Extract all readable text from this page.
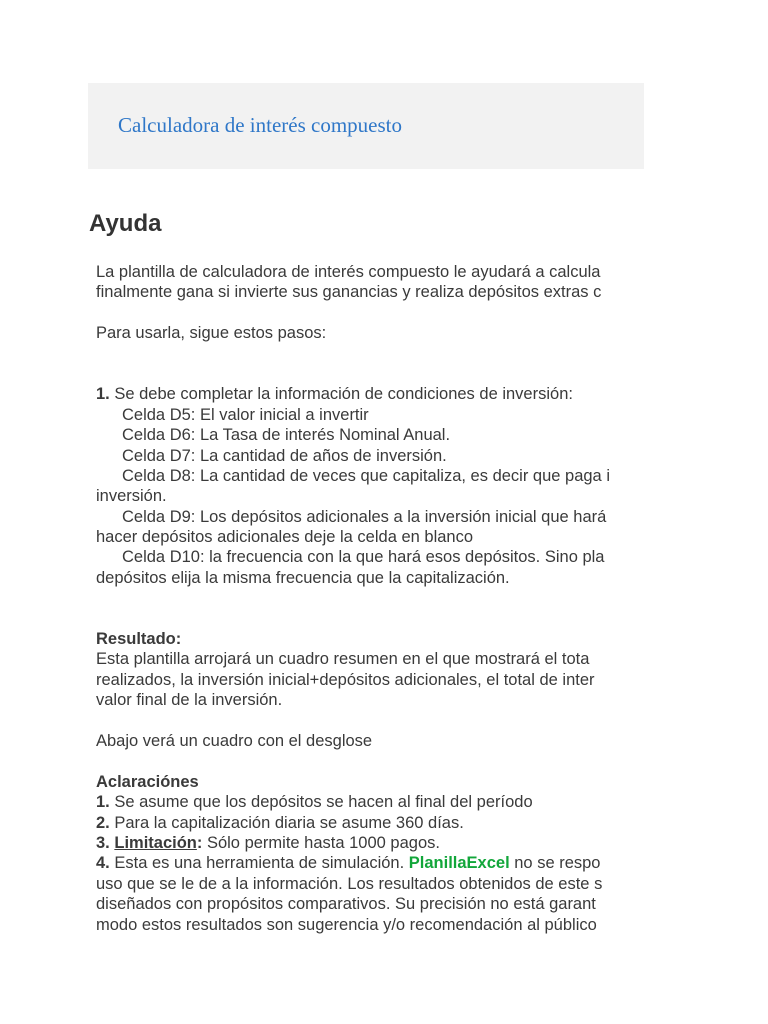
Calculadora de interés compuesto
Ayuda
La plantilla de calculadora de interés compuesto le ayudará a calcula
finalmente gana si invierte sus ganancias y realiza depósitos extras c
Para usarla, sigue estos pasos:
1. Se debe completar la información de condiciones de inversión:
Celda D5: El valor inicial a invertir
Celda D6: La Tasa de interés Nominal Anual.
Celda D7: La cantidad de años de inversión.
Celda D8: La cantidad de veces que capitaliza, es decir que paga i
inversión.
Celda D9: Los depósitos adicionales a la inversión inicial que hará
hacer depósitos adicionales deje la celda en blanco
Celda D10: la frecuencia con la que hará esos depósitos. Sino pla
depósitos elija la misma frecuencia que la capitalización.
Resultado:
Esta plantilla arrojará un cuadro resumen en el que mostrará el tota
realizados, la inversión inicial+depósitos adicionales, el total de inter
valor final de la inversión.
Abajo verá un cuadro con el desglose
Aclaraciónes
1. Se asume que los depósitos se hacen al final del período
2. Para la capitalización diaria se asume 360 días.
3. Limitación: Sólo permite hasta 1000 pagos.
4. Esta es una herramienta de simulación. PlanillaExcel no se respo
uso que se le de a la información. Los resultados obtenidos de este s
diseñados con propósitos comparativos. Su precisión no está garant
modo estos resultados son sugerencia y/o recomendación al público
